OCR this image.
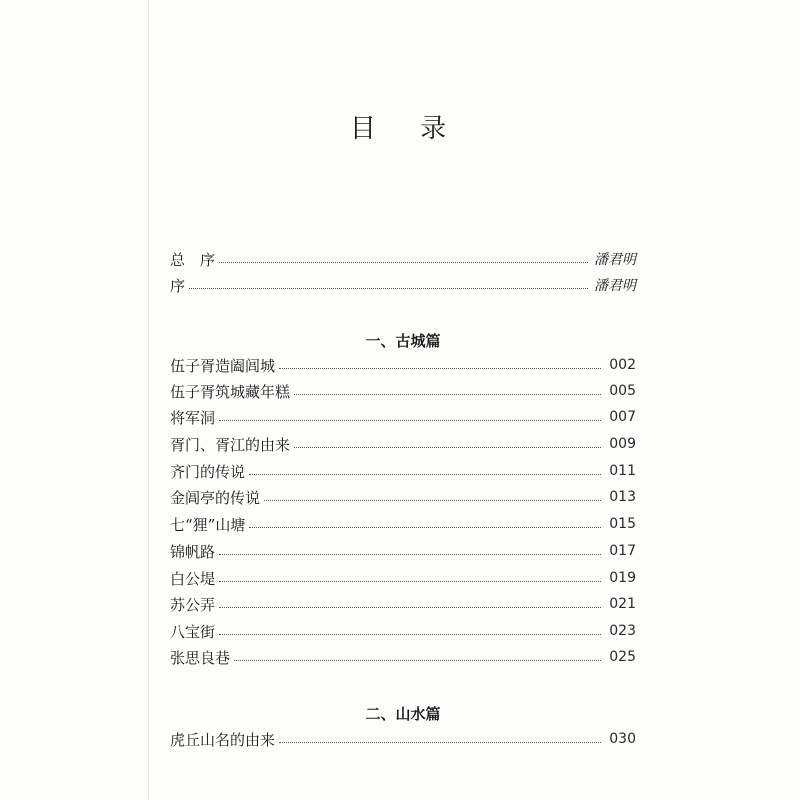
目 录
总　序	潘君明
序	潘君明
一、古城篇
伍子胥造阖闾城	002
伍子胥筑城藏年糕	005
将军洞	007
胥门、胥江的由来	009
齐门的传说	011
金阊亭的传说	013
七“狸”山塘	015
锦帆路	017
白公堤	019
苏公弄	021
八宝街	023
张思良巷	025
二、山水篇
虎丘山名的由来	030
